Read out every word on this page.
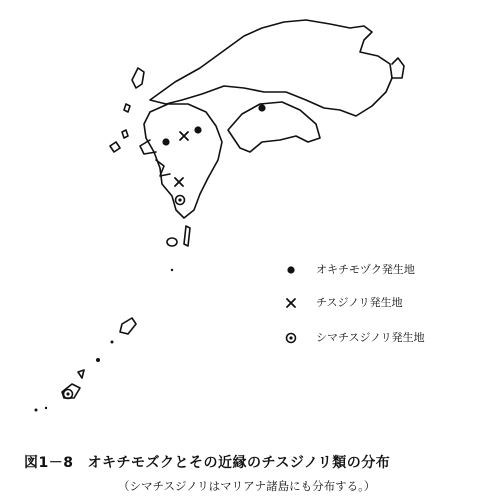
オキチモヅク発生地
チスジノリ発生地
シマチスジノリ発生地
図1－8 オキチモズクとその近縁のチスジノリ類の分布
（シマチスジノリはマリアナ諸島にも分布する。）
